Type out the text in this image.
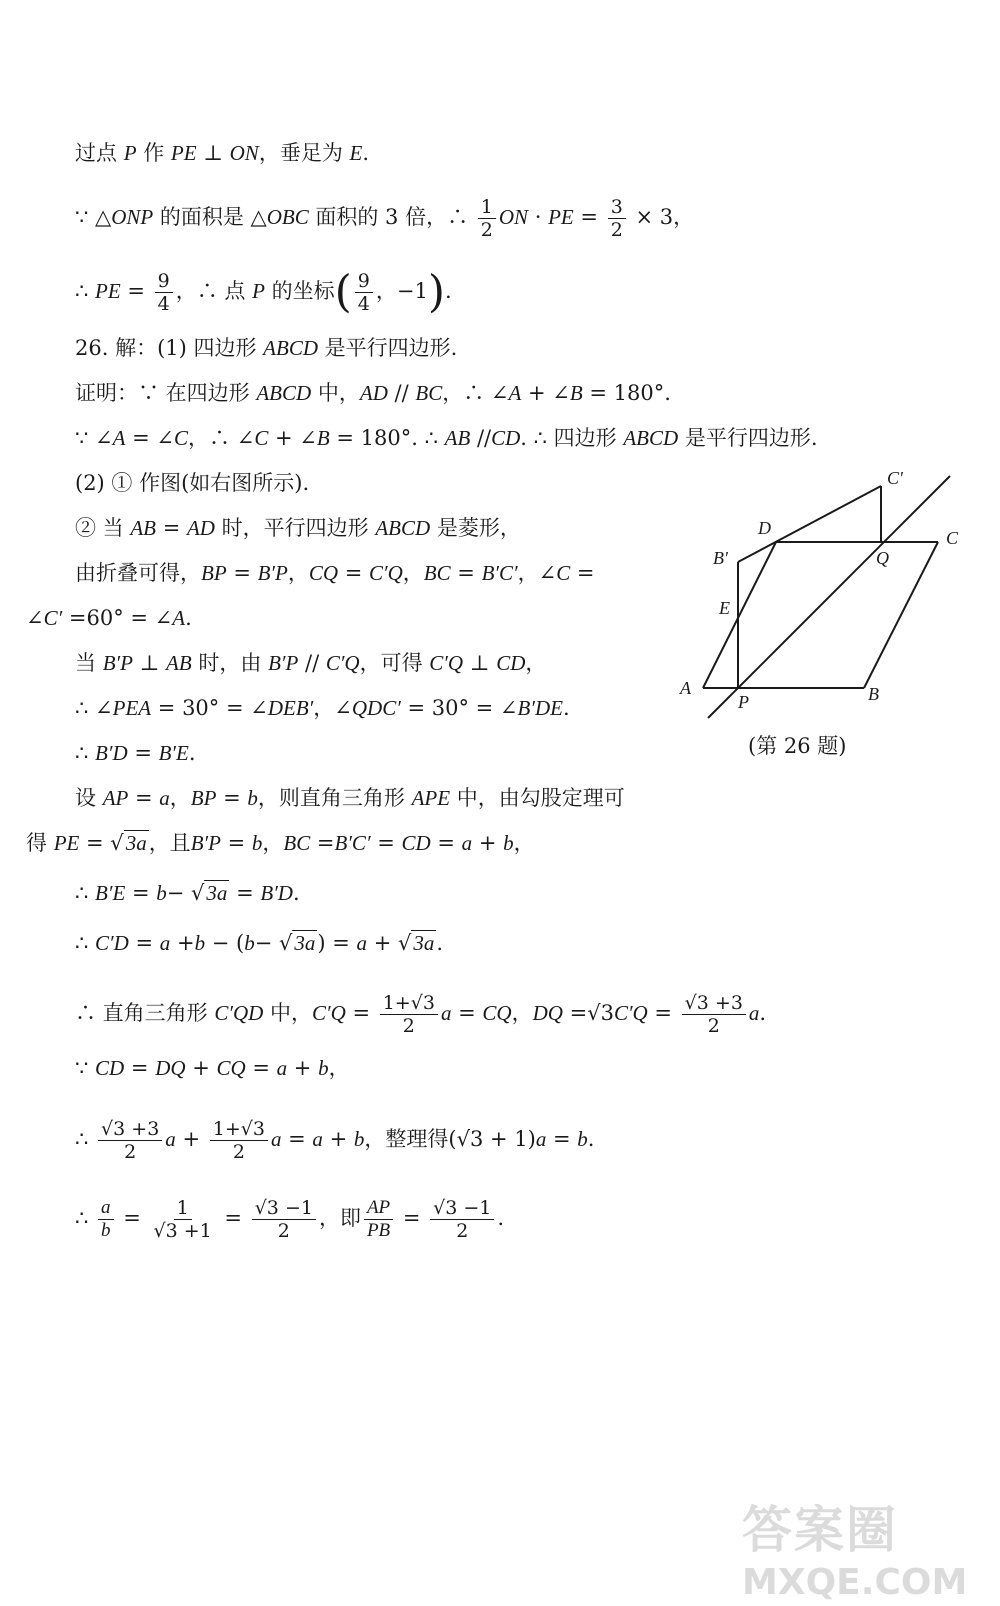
过点 P 作 PE ⊥ ON，垂足为 E.
∵ △ONP 的面积是 △OBC 面积的 3 倍，∴ $\frac{1}{2}$ ON · PE = $\frac{3}{2} \times 3$，
∴ PE = $\frac{9}{4}$ ，∴ 点 P 的坐标( $\frac{9}{4}$ ，−1).
26. 解：(1) 四边形 ABCD 是平行四边形.
证明：∵ 在四边形 ABCD 中，AD // BC，∴ ∠A + ∠B = 180°.
∵ ∠A = ∠C，∴ ∠C + ∠B = 180°. ∴ AB //CD. ∴ 四边形 ABCD 是平行四边形.
(2) ① 作图(如右图所示).
② 当 AB = AD 时，平行四边形 ABCD 是菱形，
由折叠可得，BP = B′P，CQ = C′Q，BC = B′C′，∠C =
∠C′ =60° = ∠A.
当 B′P ⊥ AB 时，由 B′P // C′Q，可得 C′Q ⊥ CD，
∴ ∠PEA = 30° = ∠DEB′，∠QDC′ = 30° = ∠B′DE.
∴ B′D = B′E.
设 AP = a，BP = b，则直角三角形 APE 中，由勾股定理可
得 PE = √3a，且B′P = b，BC =B′C′ = CD = a + b，
∴ B′E = b− √3a = B′D.
∴ C′D = a +b − (b− √3a) = a + √3a.
∴ 直角三角形 C′QD 中，$C'Q = \frac{1+√3}{2}$ a = CQ，DQ $=√3C'Q = \frac{√3 +3}{2} a$.
∵ CD = DQ + CQ = a + b，
∴ $\frac{√3 +3}{2}$ $a + \frac{1+√3}{2}$ a = a + b，整理得(√3 + 1)a = b.
∴ $\frac{a}{b} = \frac{1}{√3 +1} = \frac{√3 -1}{2}$ ，即 $\frac{AP}{PB} = \frac{√3 -1}{2}$ .
A
P	B
C
D
Q
E
B′
C′
(第 26 题)
答案圈
MXQE.COM
